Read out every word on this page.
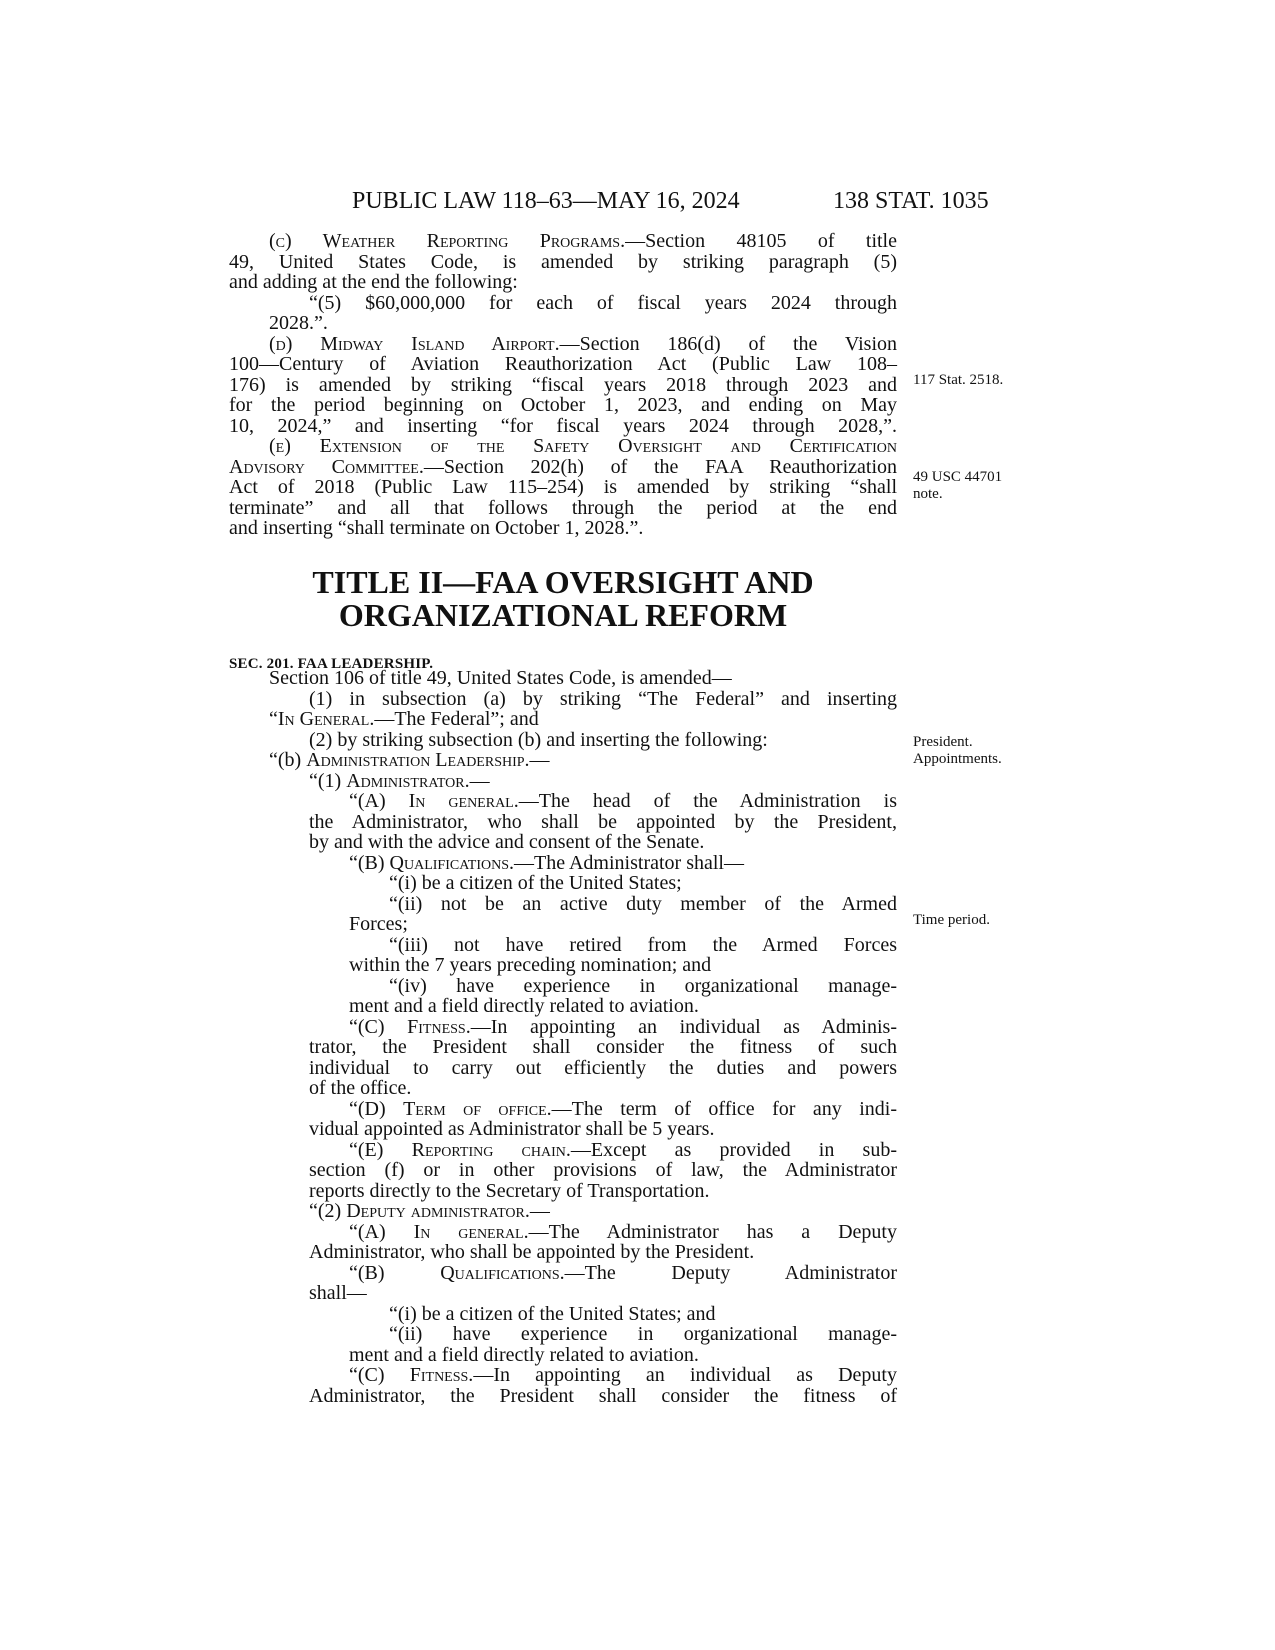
PUBLIC LAW 118–63—MAY 16, 2024	138 STAT. 1035
(c) Weather Reporting Programs.—Section 48105 of title
49, United States Code, is amended by striking paragraph (5)
and adding at the end the following:
“(5) $60,000,000 for each of fiscal years 2024 through
2028.”.
(d) Midway Island Airport.—Section 186(d) of the Vision
100—Century of Aviation Reauthorization Act (Public Law 108–
176) is amended by striking “fiscal years 2018 through 2023 and
for the period beginning on October 1, 2023, and ending on May
10, 2024,” and inserting “for fiscal years 2024 through 2028,”.
(e) Extension of the Safety Oversight and Certification
Advisory Committee.—Section 202(h) of the FAA Reauthorization
Act of 2018 (Public Law 115–254) is amended by striking “shall
terminate” and all that follows through the period at the end
and inserting “shall terminate on October 1, 2028.”.
TITLE II—FAA OVERSIGHT AND
ORGANIZATIONAL REFORM
SEC. 201. FAA LEADERSHIP.
Section 106 of title 49, United States Code, is amended—
(1) in subsection (a) by striking “The Federal” and inserting
“In General.—The Federal”; and
(2) by striking subsection (b) and inserting the following:
“(b) Administration Leadership.—
“(1) Administrator.—
“(A) In general.—The head of the Administration is
the Administrator, who shall be appointed by the President,
by and with the advice and consent of the Senate.
“(B) Qualifications.—The Administrator shall—
“(i) be a citizen of the United States;
“(ii) not be an active duty member of the Armed
Forces;
“(iii) not have retired from the Armed Forces
within the 7 years preceding nomination; and
“(iv) have experience in organizational manage-
ment and a field directly related to aviation.
“(C) Fitness.—In appointing an individual as Adminis-
trator, the President shall consider the fitness of such
individual to carry out efficiently the duties and powers
of the office.
“(D) Term of office.—The term of office for any indi-
vidual appointed as Administrator shall be 5 years.
“(E) Reporting chain.—Except as provided in sub-
section (f) or in other provisions of law, the Administrator
reports directly to the Secretary of Transportation.
“(2) Deputy administrator.—
“(A) In general.—The Administrator has a Deputy
Administrator, who shall be appointed by the President.
“(B) Qualifications.—The Deputy Administrator
shall—
“(i) be a citizen of the United States; and
“(ii) have experience in organizational manage-
ment and a field directly related to aviation.
“(C) Fitness.—In appointing an individual as Deputy
Administrator, the President shall consider the fitness of
117 Stat. 2518.
49 USC 44701
note.
President.
Appointments.
Time period.
